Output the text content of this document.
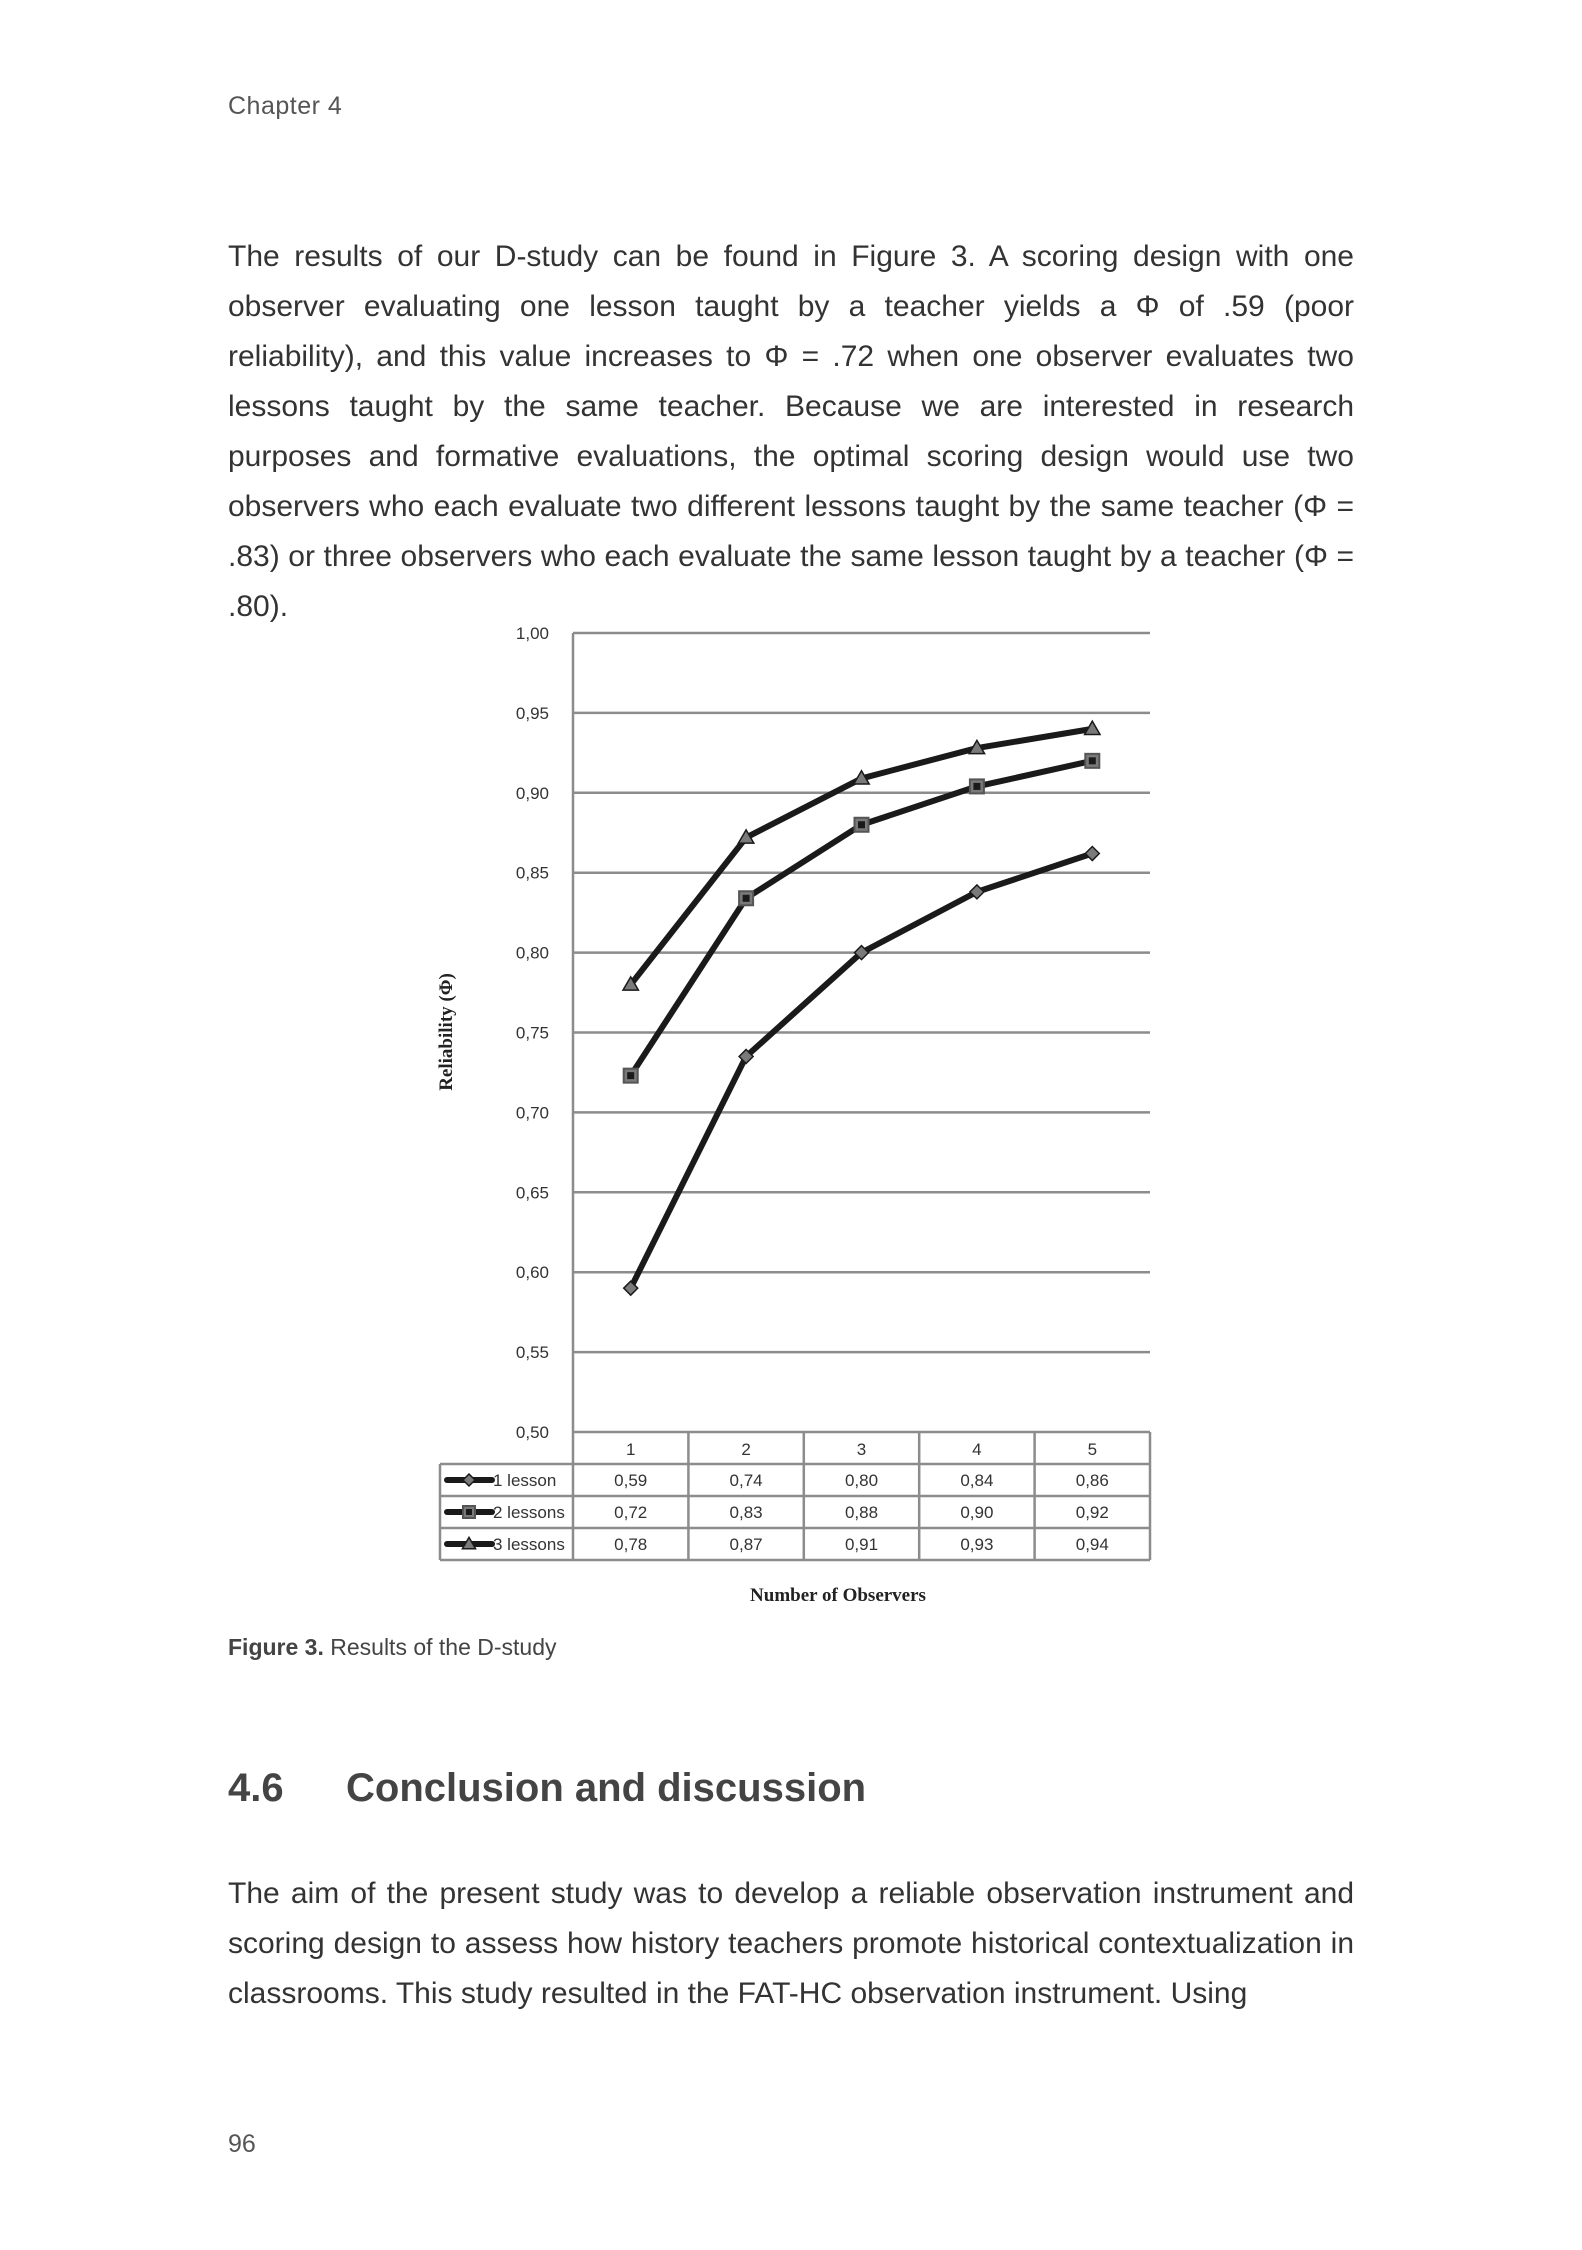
Chapter 4

The results of our D-study can be found in Figure 3. A scoring design with one observer evaluating one lesson taught by a teacher yields a Φ of .59 (poor reliability), and this value increases to Φ = .72 when one observer evaluates two lessons taught by the same teacher. Because we are interested in research purposes and formative evaluations, the optimal scoring design would use two observers who each evaluate two different lessons taught by the same teacher (Φ = .83) or three observers who each evaluate the same lesson taught by a teacher (Φ = .80).

0,50
0,55
0,60
0,65
0,70
0,75
0,80
0,85
0,90
0,95
1,00
Reliability (Φ)
1	2	3	4	5
1 lesson	0,59	0,74	0,80	0,84	0,86
2 lessons	0,72	0,83	0,88	0,90	0,92
3 lessons	0,78	0,87	0,91	0,93	0,94
Number of Observers
Figure 3. Results of the D-study
4.6 Conclusion and discussion

The aim of the present study was to develop a reliable observation instrument and scoring design to assess how history teachers promote historical contextualization in classrooms. This study resulted in the FAT-HC observation instrument. Using

96
